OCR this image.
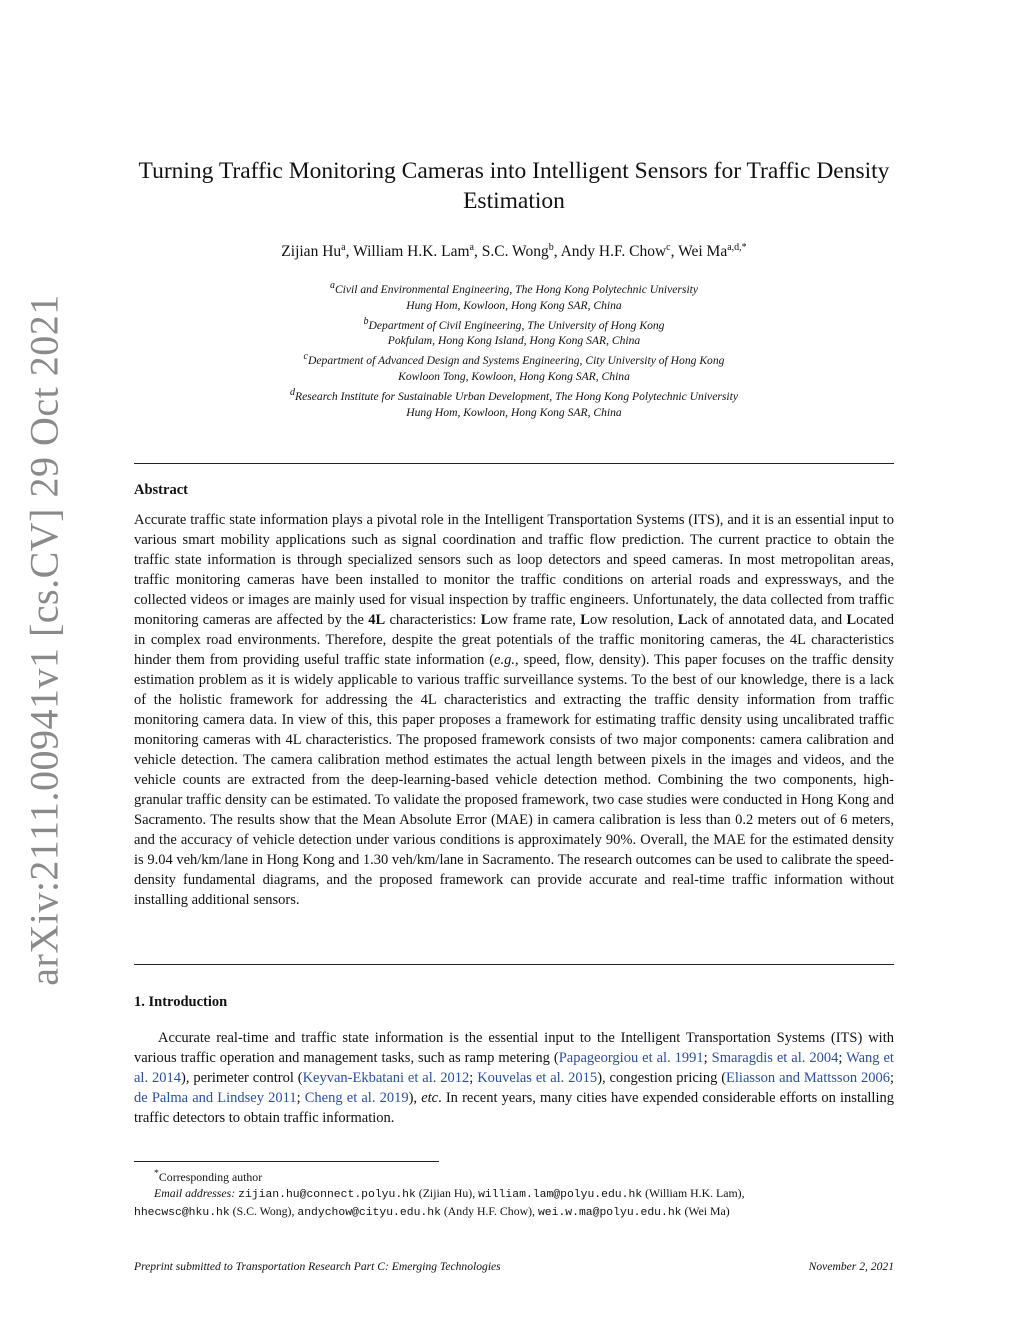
arXiv:2111.00941v1 [cs.CV] 29 Oct 2021
Turning Traffic Monitoring Cameras into Intelligent Sensors for Traffic Density Estimation
Zijian Hu$^a$, William H.K. Lam$^a$, S.C. Wong$^b$, Andy H.F. Chow$^c$, Wei $Ma^{a,d,*}$
$^a$Civil and Environmental Engineering, The Hong Kong Polytechnic University
Hung Hom, Kowloon, Hong Kong SAR, China
$^b$Department of Civil Engineering, The University of Hong Kong
Pokfulam, Hong Kong Island, Hong Kong SAR, China
$^c$Department of Advanced Design and Systems Engineering, City University of Hong Kong
Kowloon Tong, Kowloon, Hong Kong SAR, China
$^d$Research Institute for Sustainable Urban Development, The Hong Kong Polytechnic University
Hung Hom, Kowloon, Hong Kong SAR, China
Abstract

Accurate traffic state information plays a pivotal role in the Intelligent Transportation Systems (ITS), and it is an essential input to various smart mobility applications such as signal coordination and traffic flow prediction. The current practice to obtain the traffic state information is through specialized sensors such as loop detectors and speed cameras. In most metropolitan areas, traffic monitoring cameras have been installed to monitor the traffic conditions on arterial roads and expressways, and the collected videos or images are mainly used for visual inspection by traffic engineers. Unfortunately, the data collected from traffic monitoring cameras are affected by the 4L characteristics: Low frame rate, Low resolution, Lack of annotated data, and Located in complex road environments. Therefore, despite the great potentials of the traffic monitoring cameras, the 4L characteristics hinder them from providing useful traffic state information (e.g., speed, flow, density). This paper focuses on the traffic density estimation problem as it is widely applicable to various traffic surveillance systems. To the best of our knowledge, there is a lack of the holistic framework for addressing the 4L characteristics and extracting the traffic density information from traffic monitoring camera data. In view of this, this paper proposes a framework for estimating traffic density using uncalibrated traffic monitoring cameras with 4L characteristics. The proposed framework consists of two major components: camera calibration and vehicle detection. The camera calibration method estimates the actual length between pixels in the images and videos, and the vehicle counts are extracted from the deep-learning-based vehicle detection method. Combining the two components, high-granular traffic density can be estimated. To validate the proposed framework, two case studies were conducted in Hong Kong and Sacramento. The results show that the Mean Absolute Error (MAE) in camera calibration is less than 0.2 meters out of 6 meters, and the accuracy of vehicle detection under various conditions is approximately 90%. Overall, the MAE for the estimated density is 9.04 veh/km/lane in Hong Kong and 1.30 veh/km/lane in Sacramento. The research outcomes can be used to calibrate the speed-density fundamental diagrams, and the proposed framework can provide accurate and real-time traffic information without installing additional sensors.

1. Introduction

Accurate real-time and traffic state information is the essential input to the Intelligent Transportation Systems (ITS) with various traffic operation and management tasks, such as ramp metering (Papageorgiou et al. 1991; Smaragdis et al. 2004; Wang et al. 2014), perimeter control (Keyvan-Ekbatani et al. 2012; Kouvelas et al. 2015), congestion pricing (Eliasson and Mattsson 2006; de Palma and Lindsey 2011; Cheng et al. 2019), etc. In recent years, many cities have expended considerable efforts on installing traffic detectors to obtain traffic information.

*Corresponding author
Email addresses: zijian.hu@connect.polyu.hk (Zijian Hu), william.lam@polyu.edu.hk (William H.K. Lam),
hhecwsc@hku.hk (S.C. Wong), andychow@cityu.edu.hk (Andy H.F. Chow), wei.w.ma@polyu.edu.hk (Wei Ma)
Preprint submitted to Transportation Research Part C: Emerging Technologies	November 2, 2021
